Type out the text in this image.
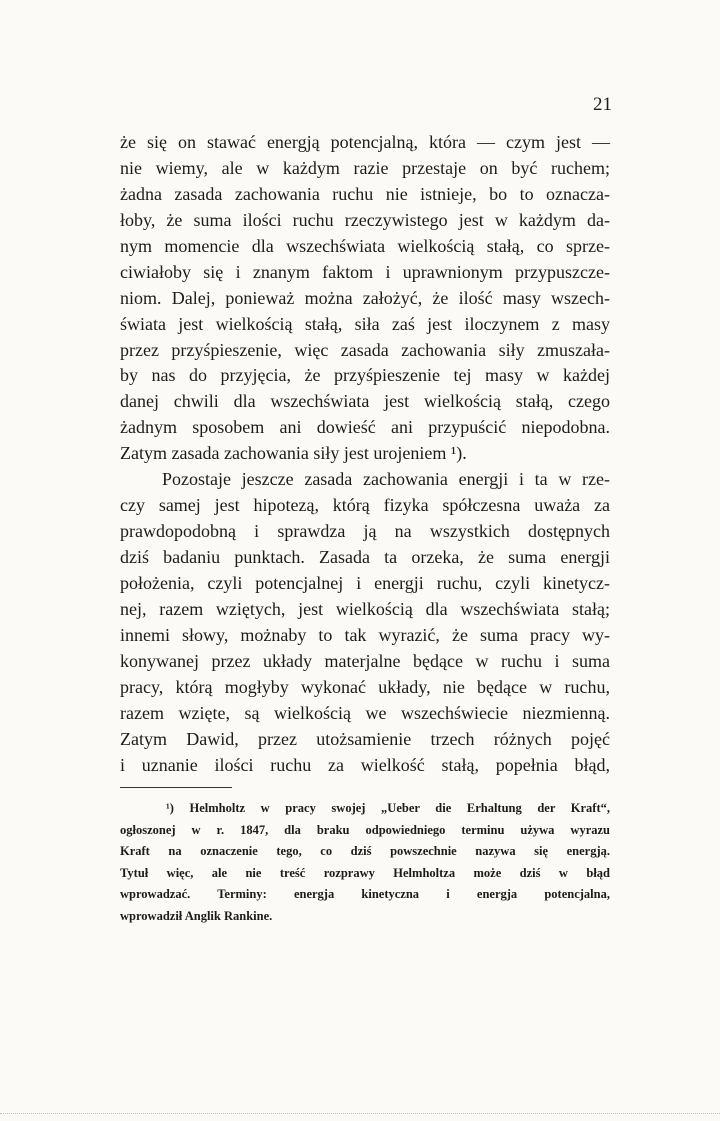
21
że się on stawać energją potencjalną, która — czym jest —
nie wiemy, ale w każdym razie przestaje on być ruchem;
żadna zasada zachowania ruchu nie istnieje, bo to oznacza-
łoby, że suma ilości ruchu rzeczywistego jest w każdym da-
nym momencie dla wszechświata wielkością stałą, co sprze-
ciwiałoby się i znanym faktom i uprawnionym przypuszcze-
niom. Dalej, ponieważ można założyć, że ilość masy wszech-
świata jest wielkością stałą, siła zaś jest iloczynem z masy
przez przyśpieszenie, więc zasada zachowania siły zmuszała-
by nas do przyjęcia, że przyśpieszenie tej masy w każdej
danej chwili dla wszechświata jest wielkością stałą, czego
żadnym sposobem ani dowieść ani przypuścić niepodobna.
Zatym zasada zachowania siły jest urojeniem ¹).
Pozostaje jeszcze zasada zachowania energji i ta w rze-
czy samej jest hipotezą, którą fizyka spółczesna uważa za
prawdopodobną i sprawdza ją na wszystkich dostępnych
dziś badaniu punktach. Zasada ta orzeka, że suma energji
położenia, czyli potencjalnej i energji ruchu, czyli kinetycz-
nej, razem wziętych, jest wielkością dla wszechświata stałą;
innemi słowy, możnaby to tak wyrazić, że suma pracy wy-
konywanej przez układy materjalne będące w ruchu i suma
pracy, którą mogłyby wykonać układy, nie będące w ruchu,
razem wzięte, są wielkością we wszechświecie niezmienną.
Zatym Dawid, przez utożsamienie trzech różnych pojęć
i uznanie ilości ruchu za wielkość stałą, popełnia błąd,
¹) Helmholtz w pracy swojej „Ueber die Erhaltung der Kraft“,
ogłoszonej w r. 1847, dla braku odpowiedniego terminu używa wyrazu
Kraft na oznaczenie tego, co dziś powszechnie nazywa się energją.
Tytuł więc, ale nie treść rozprawy Helmholtza może dziś w błąd
wprowadzać. Terminy: energja kinetyczna i energja potencjalna,
wprowadził Anglik Rankine.
